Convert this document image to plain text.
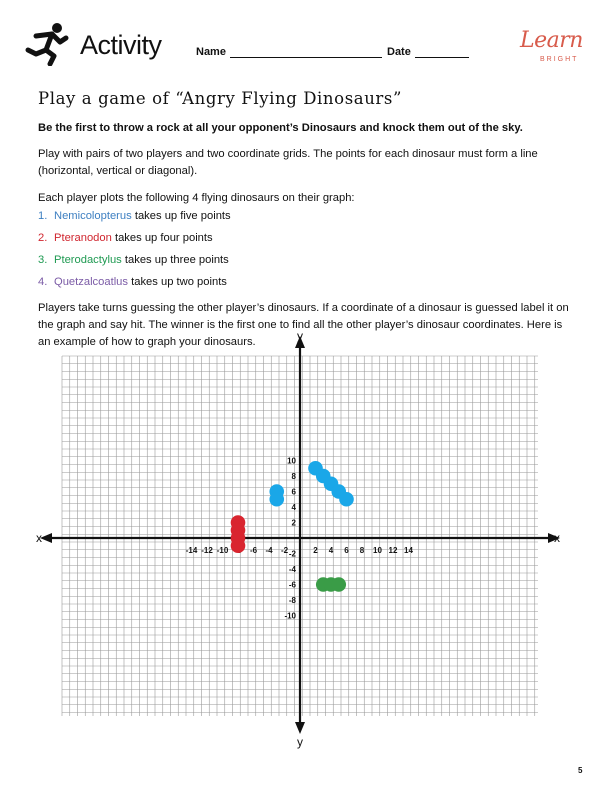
Activity	Name	Date	Learn
BRIGHT
Play a game of “Angry Flying Dinosaurs”

Be the first to throw a rock at all your opponent’s Dinosaurs and knock them out of the sky.

Play with pairs of two players and two coordinate grids. The points for each dinosaur must form a line
(horizontal, vertical or diagonal).

Each player plots the following 4 flying dinosaurs on their graph:

1. Nemicolopterus takes up five points
2. Pteranodon takes up four points
3. Pterodactylus takes up three points
4. Quetzalcoatlus takes up two points

Players take turns guessing the other player’s dinosaurs. If a coordinate of a dinosaur is guessed label it on
the graph and say hit. The winner is the first one to find all the other player’s dinosaur coordinates. Here is
an example of how to graph your dinosaurs.

x	x
y
y
-14 -12 -10	-6 -4 -2	2 4 6 8 10 12 14
10
8
6
4
2
-2
-4
-6
-8
-10
5
